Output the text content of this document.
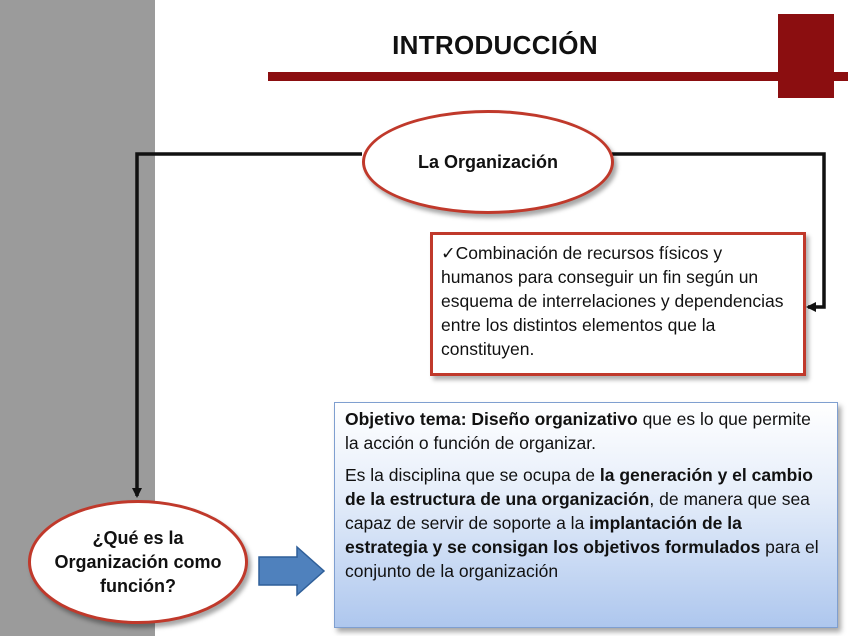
INTRODUCCIÓN
La Organización
✓Combinación de recursos físicos y humanos para conseguir un fin según un esquema de interrelaciones y dependencias entre los distintos elementos que la constituyen.
¿Qué es la Organización como función?

Objetivo tema: Diseño organizativo que es lo que permite la acción o función de organizar.

Es la disciplina que se ocupa de la generación y el cambio de la estructura de una organización, de manera que sea capaz de servir de soporte a la implantación de la estrategia y se consigan los objetivos formulados para el conjunto de la organización
